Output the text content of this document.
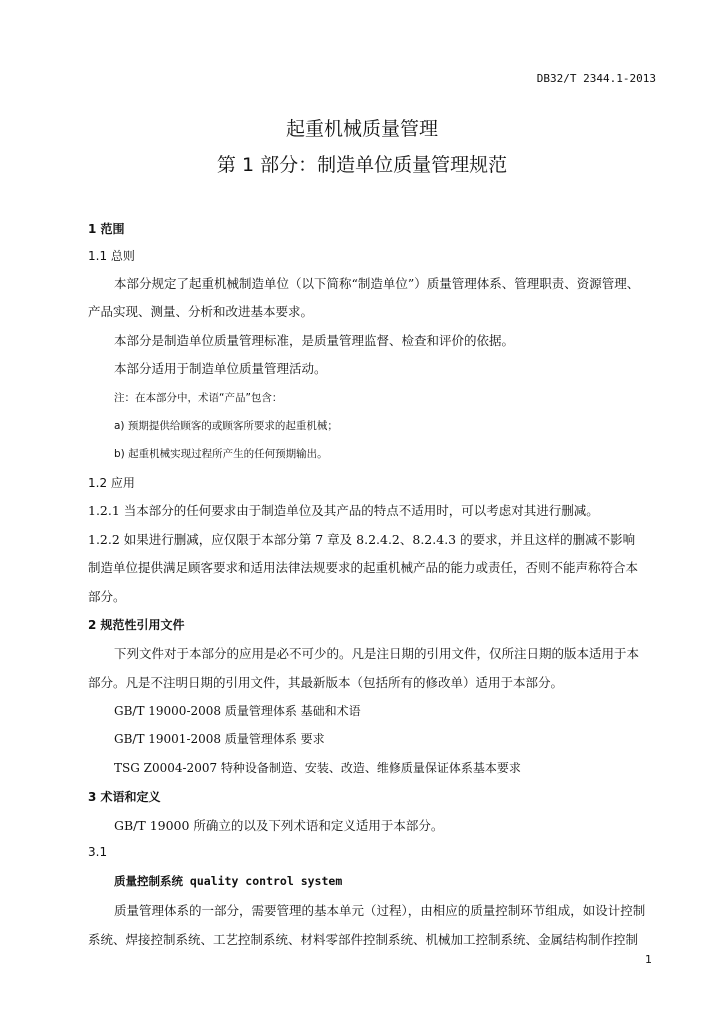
DB32/T 2344.1-2013
起重机械质量管理
第 1 部分：制造单位质量管理规范
1 范围
1.1 总则
本部分规定了起重机械制造单位（以下简称“制造单位”）质量管理体系、管理职责、资源管理、
产品实现、测量、分析和改进基本要求。
本部分是制造单位质量管理标准，是质量管理监督、检查和评价的依据。
本部分适用于制造单位质量管理活动。
注：在本部分中，术语“产品”包含：
a) 预期提供给顾客的或顾客所要求的起重机械；
b) 起重机械实现过程所产生的任何预期输出。
1.2 应用
1.2.1 当本部分的任何要求由于制造单位及其产品的特点不适用时，可以考虑对其进行删减。
1.2.2 如果进行删减，应仅限于本部分第 7 章及 8.2.4.2、8.2.4.3 的要求，并且这样的删减不影响
制造单位提供满足顾客要求和适用法律法规要求的起重机械产品的能力或责任，否则不能声称符合本
部分。
2 规范性引用文件
下列文件对于本部分的应用是必不可少的。凡是注日期的引用文件，仅所注日期的版本适用于本
部分。凡是不注明日期的引用文件，其最新版本（包括所有的修改单）适用于本部分。
GB/T 19000-2008 质量管理体系 基础和术语
GB/T 19001-2008 质量管理体系 要求
TSG Z0004-2007 特种设备制造、安装、改造、维修质量保证体系基本要求
3 术语和定义
GB/T 19000 所确立的以及下列术语和定义适用于本部分。
3.1
质量控制系统 quality control system
质量管理体系的一部分，需要管理的基本单元（过程），由相应的质量控制环节组成，如设计控制
系统、焊接控制系统、工艺控制系统、材料零部件控制系统、机械加工控制系统、金属结构制作控制
1
